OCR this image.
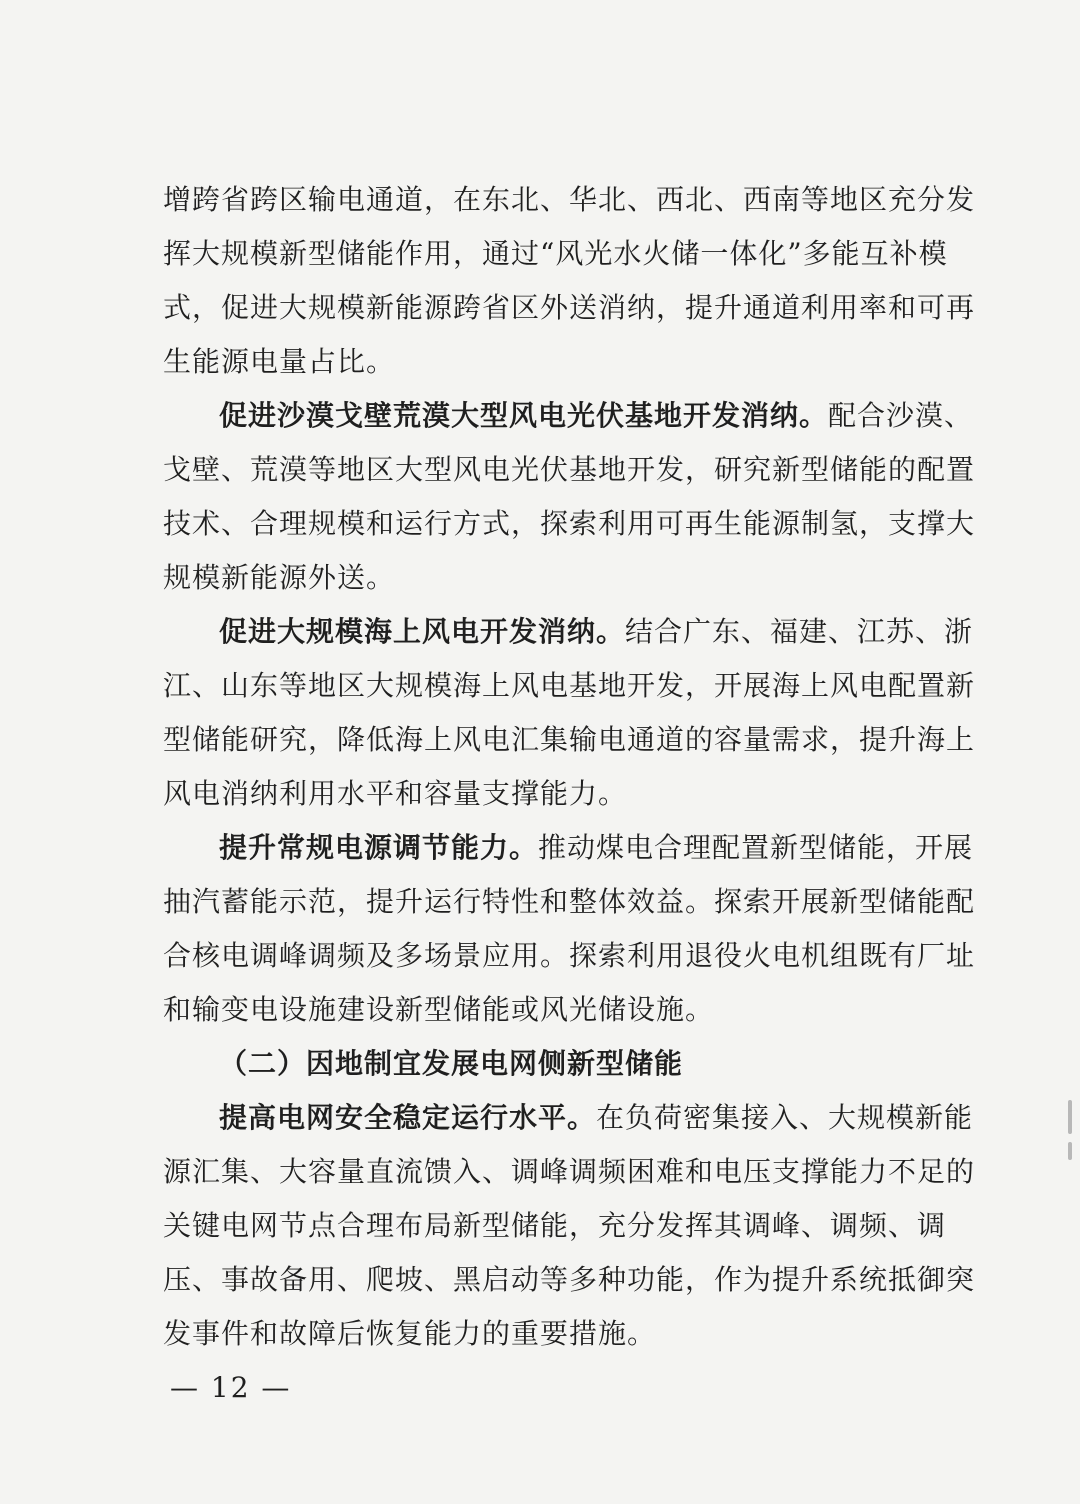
增跨省跨区输电通道，在东北、华北、西北、西南等地区充分发
挥大规模新型储能作用，通过“风光水火储一体化”多能互补模
式，促进大规模新能源跨省区外送消纳，提升通道利用率和可再
生能源电量占比。
促进沙漠戈壁荒漠大型风电光伏基地开发消纳。配合沙漠、
戈壁、荒漠等地区大型风电光伏基地开发，研究新型储能的配置
技术、合理规模和运行方式，探索利用可再生能源制氢，支撑大
规模新能源外送。
促进大规模海上风电开发消纳。结合广东、福建、江苏、浙
江、山东等地区大规模海上风电基地开发，开展海上风电配置新
型储能研究，降低海上风电汇集输电通道的容量需求，提升海上
风电消纳利用水平和容量支撑能力。
提升常规电源调节能力。推动煤电合理配置新型储能，开展
抽汽蓄能示范，提升运行特性和整体效益。探索开展新型储能配
合核电调峰调频及多场景应用。探索利用退役火电机组既有厂址
和输变电设施建设新型储能或风光储设施。
（二）因地制宜发展电网侧新型储能
提高电网安全稳定运行水平。在负荷密集接入、大规模新能
源汇集、大容量直流馈入、调峰调频困难和电压支撑能力不足的
关键电网节点合理布局新型储能，充分发挥其调峰、调频、调
压、事故备用、爬坡、黑启动等多种功能，作为提升系统抵御突
发事件和故障后恢复能力的重要措施。
— 12 —
